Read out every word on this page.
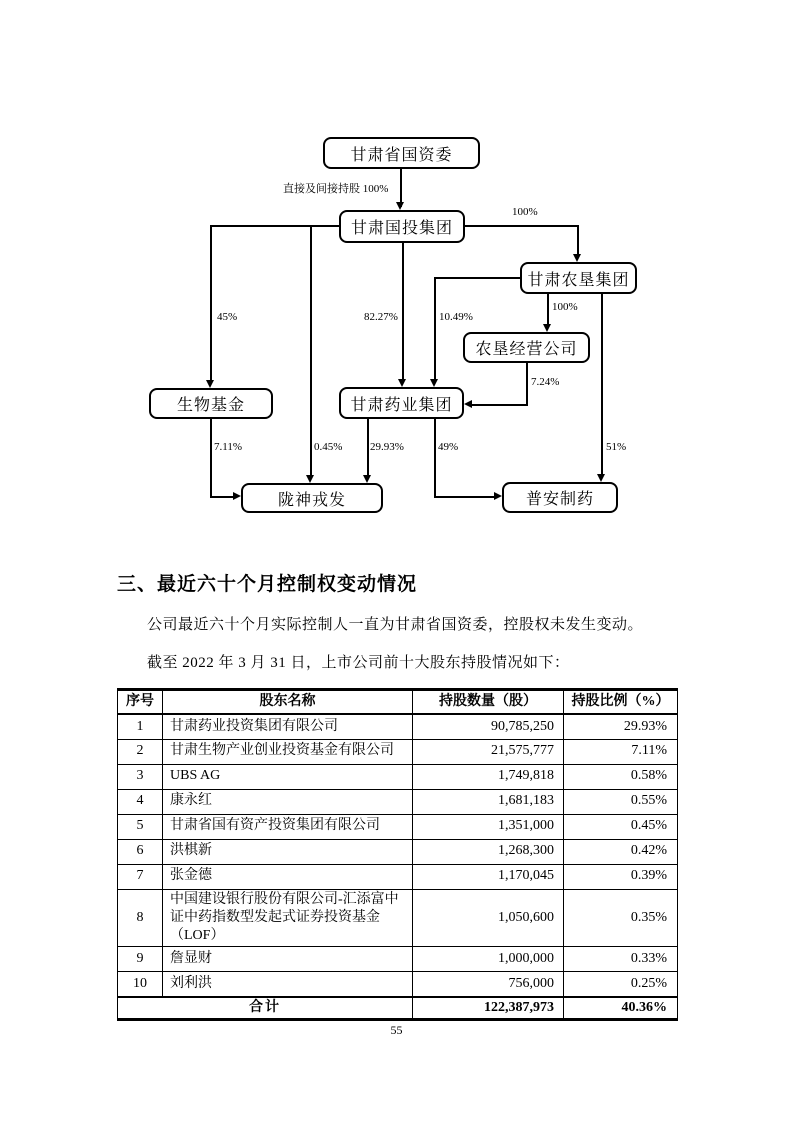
直接及间接持股 100%
100%
45%	82.27%	10.49%
100%
7.24%
7.11%	0.45%	29.93%	49%	51%
甘肃省国资委
甘肃国投集团
甘肃农垦集团
农垦经营公司
生物基金	甘肃药业集团
陇神戎发	普安制药
三、最近六十个月控制权变动情况

公司最近六十个月实际控制人一直为甘肃省国资委，控股权未发生变动。

截至 2022 年 3 月 31 日，上市公司前十大股东持股情况如下：

序号	股东名称	持股数量（股）	持股比例（%）
1	甘肃药业投资集团有限公司	90,785,250	29.93%
2	甘肃生物产业创业投资基金有限公司	21,575,777	7.11%
3	UBS AG	1,749,818	0.58%
4	康永红	1,681,183	0.55%
5	甘肃省国有资产投资集团有限公司	1,351,000	0.45%
6	洪棋新	1,268,300	0.42%
7	张金德	1,170,045	0.39%
8	中国建设银行股份有限公司-汇添富中证中药指数型发起式证券投资基金（LOF）	1,050,600	0.35%
9	詹显财	1,000,000	0.33%
10	刘利洪	756,000	0.25%
合计		122,387,973	40.36%
55
